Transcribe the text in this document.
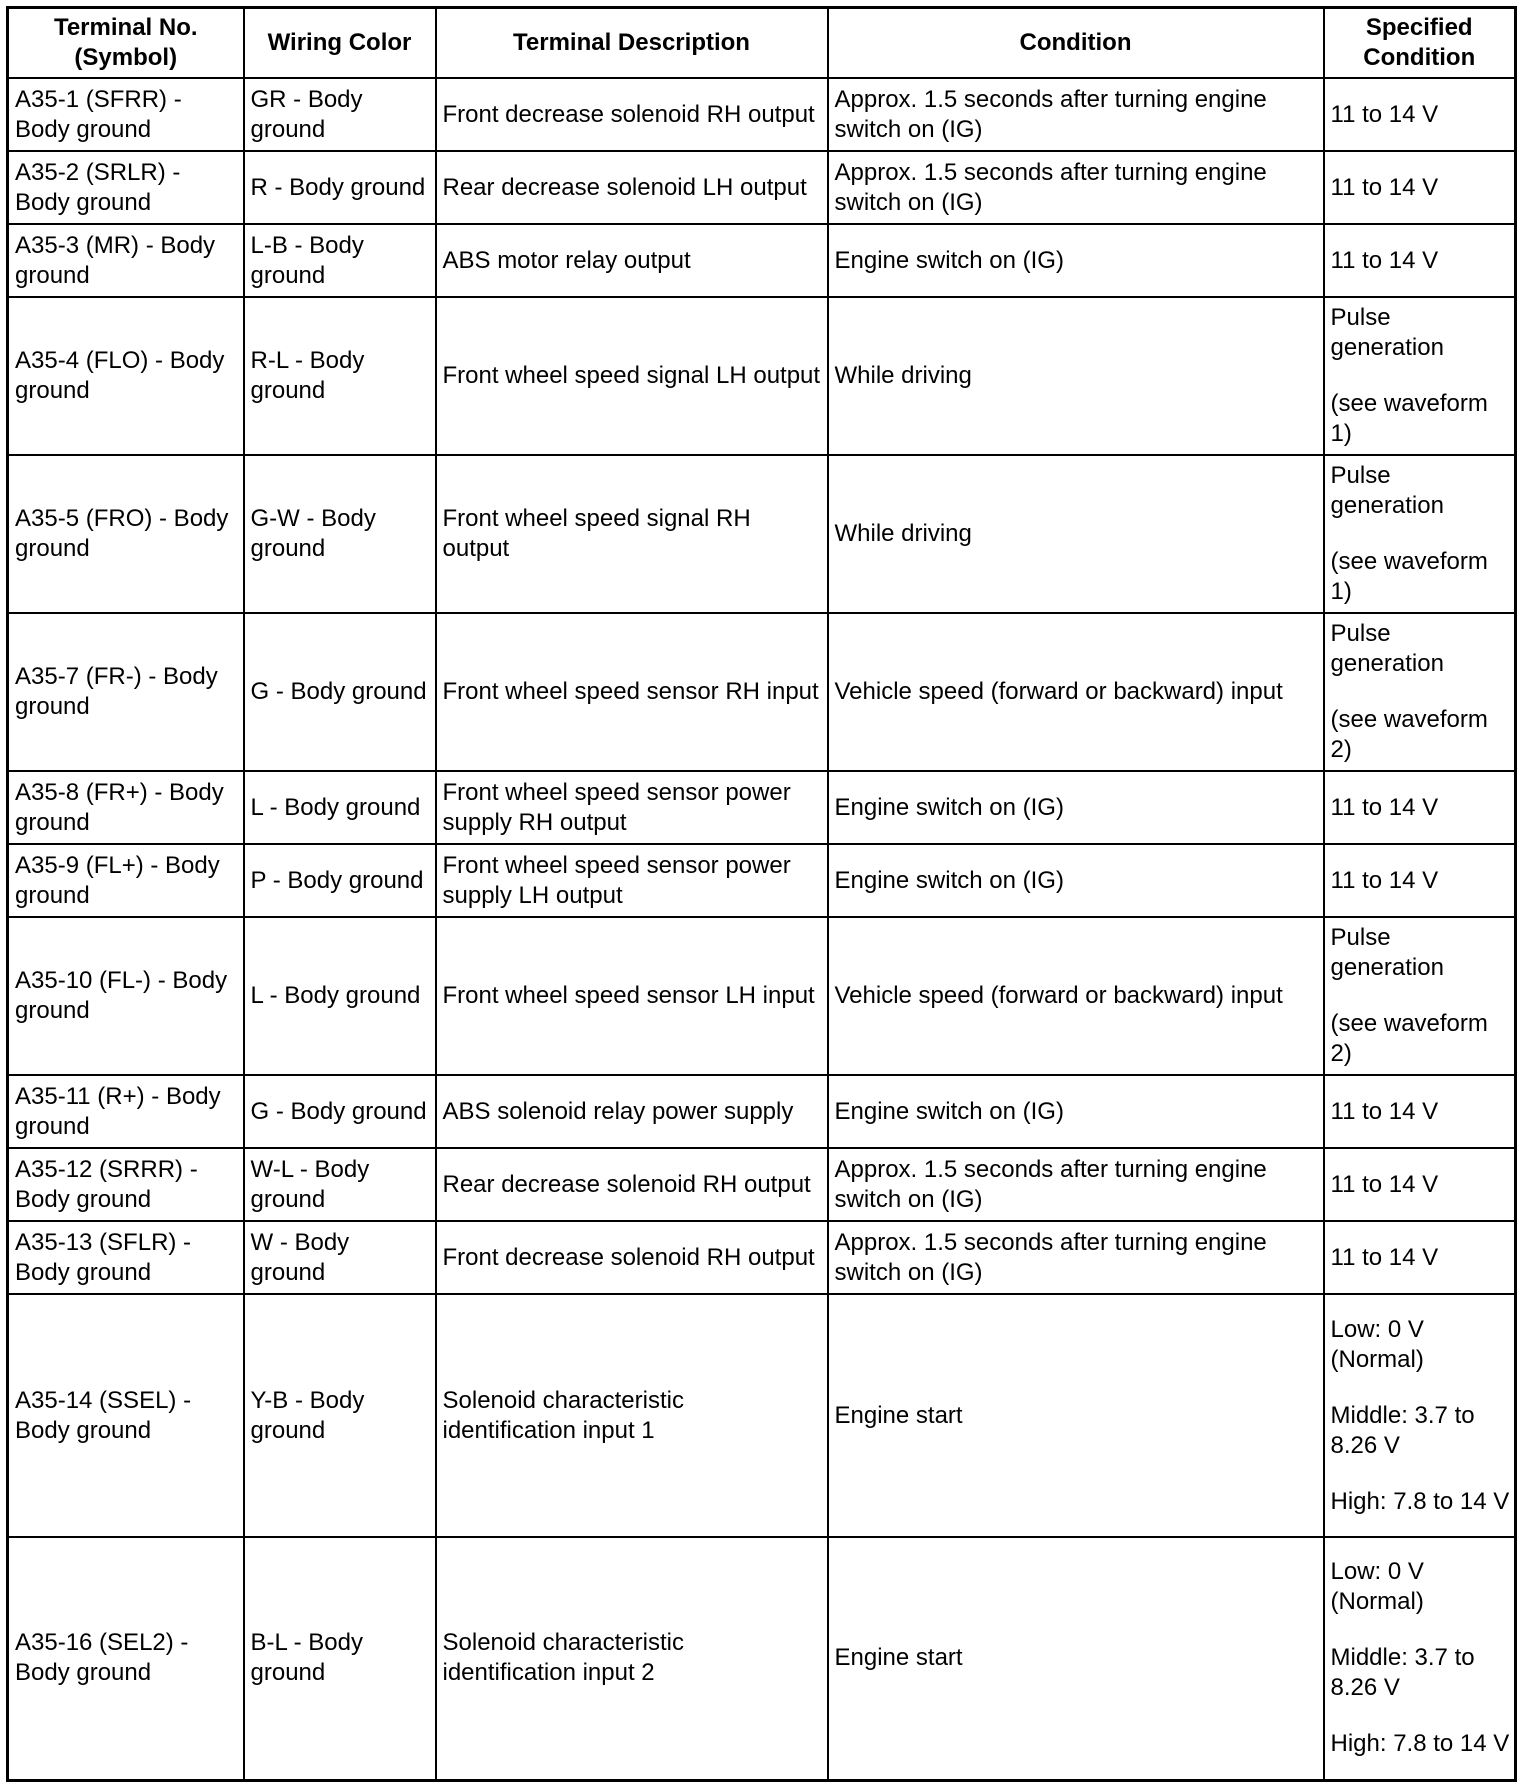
Terminal No.
(Symbol)	Wiring Color	Terminal Description	Condition	Specified
Condition
A35-1 (SFRR) - Body ground	GR - Body ground	Front decrease solenoid RH output	Approx. 1.5 seconds after turning engine switch on (IG)	11 to 14 V

A35-2 (SRLR) - Body ground	R - Body ground	Rear decrease solenoid LH output	Approx. 1.5 seconds after turning engine switch on (IG)	11 to 14 V

A35-3 (MR) - Body ground	L-B - Body ground	ABS motor relay output	Engine switch on (IG)	11 to 14 V

A35-4 (FLO) - Body ground	R-L - Body ground	Front wheel speed signal LH output	While driving	Pulse generation
(see waveform 1)

A35-5 (FRO) - Body ground	G-W - Body ground	Front wheel speed signal RH output	While driving	Pulse generation
(see waveform 1)

A35-7 (FR-) - Body ground	G - Body ground	Front wheel speed sensor RH input	Vehicle speed (forward or backward) input	Pulse generation
(see waveform 2)

A35-8 (FR+) - Body ground	L - Body ground	Front wheel speed sensor power supply RH output	Engine switch on (IG)	11 to 14 V

A35-9 (FL+) - Body ground	P - Body ground	Front wheel speed sensor power supply LH output	Engine switch on (IG)	11 to 14 V

A35-10 (FL-) - Body ground	L - Body ground	Front wheel speed sensor LH input	Vehicle speed (forward or backward) input	Pulse generation
(see waveform 2)

A35-11 (R+) - Body ground	G - Body ground	ABS solenoid relay power supply	Engine switch on (IG)	11 to 14 V

A35-12 (SRRR) - Body ground	W-L - Body ground	Rear decrease solenoid RH output	Approx. 1.5 seconds after turning engine switch on (IG)	11 to 14 V

A35-13 (SFLR) - Body ground	W - Body ground	Front decrease solenoid RH output	Approx. 1.5 seconds after turning engine switch on (IG)	11 to 14 V

A35-14 (SSEL) - Body ground	Y-B - Body ground	Solenoid characteristic identification input 1	Engine start	Low: 0 V (Normal)
Middle: 3.7 to 8.26 V
High: 7.8 to 14 V

A35-16 (SEL2) - Body ground	B-L - Body ground	Solenoid characteristic identification input 2	Engine start	Low: 0 V (Normal)
Middle: 3.7 to 8.26 V
High: 7.8 to 14 V
